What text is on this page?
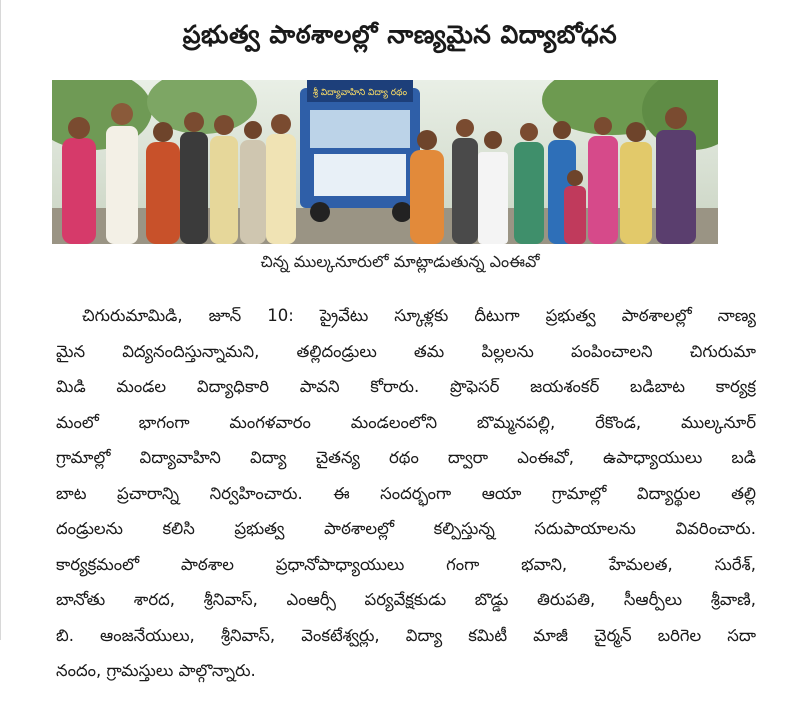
ప్రభుత్వ పాఠశాలల్లో నాణ్యమైన విద్యాబోధన
శ్రీ విద్యావాహిని విద్యా రథం
చిన్న ముల్కనూరులో మాట్లాడుతున్న ఎంఈవో
చిగురుమామిడి, జూన్ 10: ప్రైవేటు స్కూళ్లకు దీటుగా ప్రభుత్వ పాఠశాలల్లో నాణ్య
మైన విద్యనందిస్తున్నామని, తల్లిదండ్రులు తమ పిల్లలను పంపించాలని చిగురుమా
మిడి మండల విద్యాధికారి పావని కోరారు. ప్రొఫెసర్ జయశంకర్ బడిబాట కార్యక్ర
మంలో భాగంగా మంగళవారం మండలంలోని బొమ్మనపల్లి, రేకొండ, ముల్కనూర్
గ్రామాల్లో విద్యావాహిని విద్యా చైతన్య రథం ద్వారా ఎంఈవో, ఉపాధ్యాయులు బడి
బాట ప్రచారాన్ని నిర్వహించారు. ఈ సందర్భంగా ఆయా గ్రామాల్లో విద్యార్థుల తల్లి
దండ్రులను కలిసి ప్రభుత్వ పాఠశాలల్లో కల్పిస్తున్న సదుపాయాలను వివరించారు.
కార్యక్రమంలో పాఠశాల ప్రధానోపాధ్యాయులు గంగా భవాని, హేమలత, సురేశ్,
బానోతు శారద, శ్రీనివాస్, ఎంఆర్సీ పర్యవేక్షకుడు బొడ్డు తిరుపతి, సీఆర్పీలు శ్రీవాణి,
బి. ఆంజనేయులు, శ్రీనివాస్, వెంకటేశ్వర్లు, విద్యా కమిటీ మాజీ చైర్మన్ బరిగెల సదా
నందం, గ్రామస్తులు పాల్గొన్నారు.
